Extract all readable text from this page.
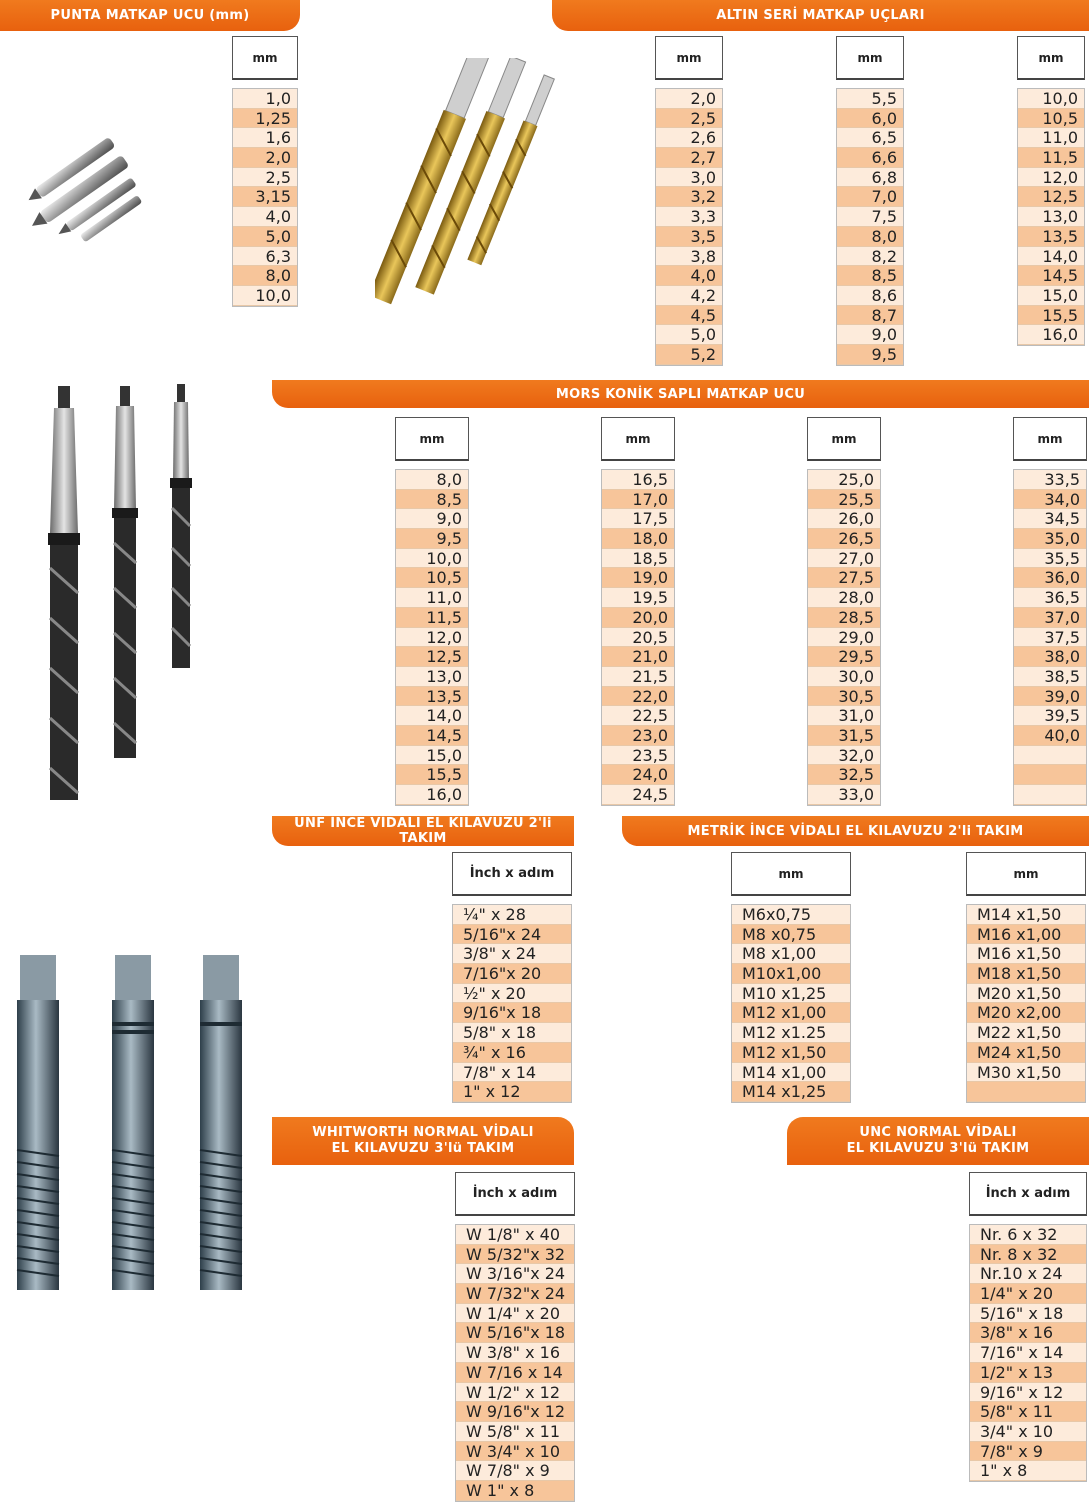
PUNTA MATKAP UCU (mm)	ALTIN SERİ MATKAP UÇLARI
MORS KONİK SAPLI MATKAP UCU
UNF İNCE VİDALI EL KILAVUZU 2'li TAKIM	METRİK İNCE VİDALI EL KILAVUZU 2'li TAKIM
WHITWORTH NORMAL VİDALI
EL KILAVUZU 3'lü TAKIM
UNC NORMAL VİDALI
EL KILAVUZU 3'lü TAKIM
mm
1,0
1,25
1,6
2,0
2,5
3,15
4,0
5,0
6,3
8,0
10,0
mm
2,0
2,5
2,6
2,7
3,0
3,2
3,3
3,5
3,8
4,0
4,2
4,5
5,0
5,2
mm
5,5
6,0
6,5
6,6
6,8
7,0
7,5
8,0
8,2
8,5
8,6
8,7
9,0
9,5
mm
10,0
10,5
11,0
11,5
12,0
12,5
13,0
13,5
14,0
14,5
15,0
15,5
16,0
mm
8,0
8,5
9,0
9,5
10,0
10,5
11,0
11,5
12,0
12,5
13,0
13,5
14,0
14,5
15,0
15,5
16,0
mm
16,5
17,0
17,5
18,0
18,5
19,0
19,5
20,0
20,5
21,0
21,5
22,0
22,5
23,0
23,5
24,0
24,5
mm
25,0
25,5
26,0
26,5
27,0
27,5
28,0
28,5
29,0
29,5
30,0
30,5
31,0
31,5
32,0
32,5
33,0
mm
33,5
34,0
34,5
35,0
35,5
36,0
36,5
37,0
37,5
38,0
38,5
39,0
39,5
40,0
İnch x adım
¼" x 28
5/16"x 24
3/8" x 24
7/16"x 20
½" x 20
9/16"x 18
5/8" x 18
¾" x 16
7/8" x 14
1" x 12
mm
M6x0,75
M8 x0,75
M8 x1,00
M10x1,00
M10 x1,25
M12 x1,00
M12 x1.25
M12 x1,50
M14 x1,00
M14 x1,25
mm
M14 x1,50
M16 x1,00
M16 x1,50
M18 x1,50
M20 x1,50
M20 x2,00
M22 x1,50
M24 x1,50
M30 x1,50
İnch x adım
W 1/8" x 40
W 5/32"x 32
W 3/16"x 24
W 7/32"x 24
W 1/4" x 20
W 5/16"x 18
W 3/8" x 16
W 7/16 x 14
W 1/2" x 12
W 9/16"x 12
W 5/8" x 11
W 3/4" x 10
W 7/8" x 9
W 1" x 8
İnch x adım
Nr. 6 x 32
Nr. 8 x 32
Nr.10 x 24
1/4" x 20
5/16" x 18
3/8" x 16
7/16" x 14
1/2" x 13
9/16" x 12
5/8" x 11
3/4" x 10
7/8" x 9
1" x 8
